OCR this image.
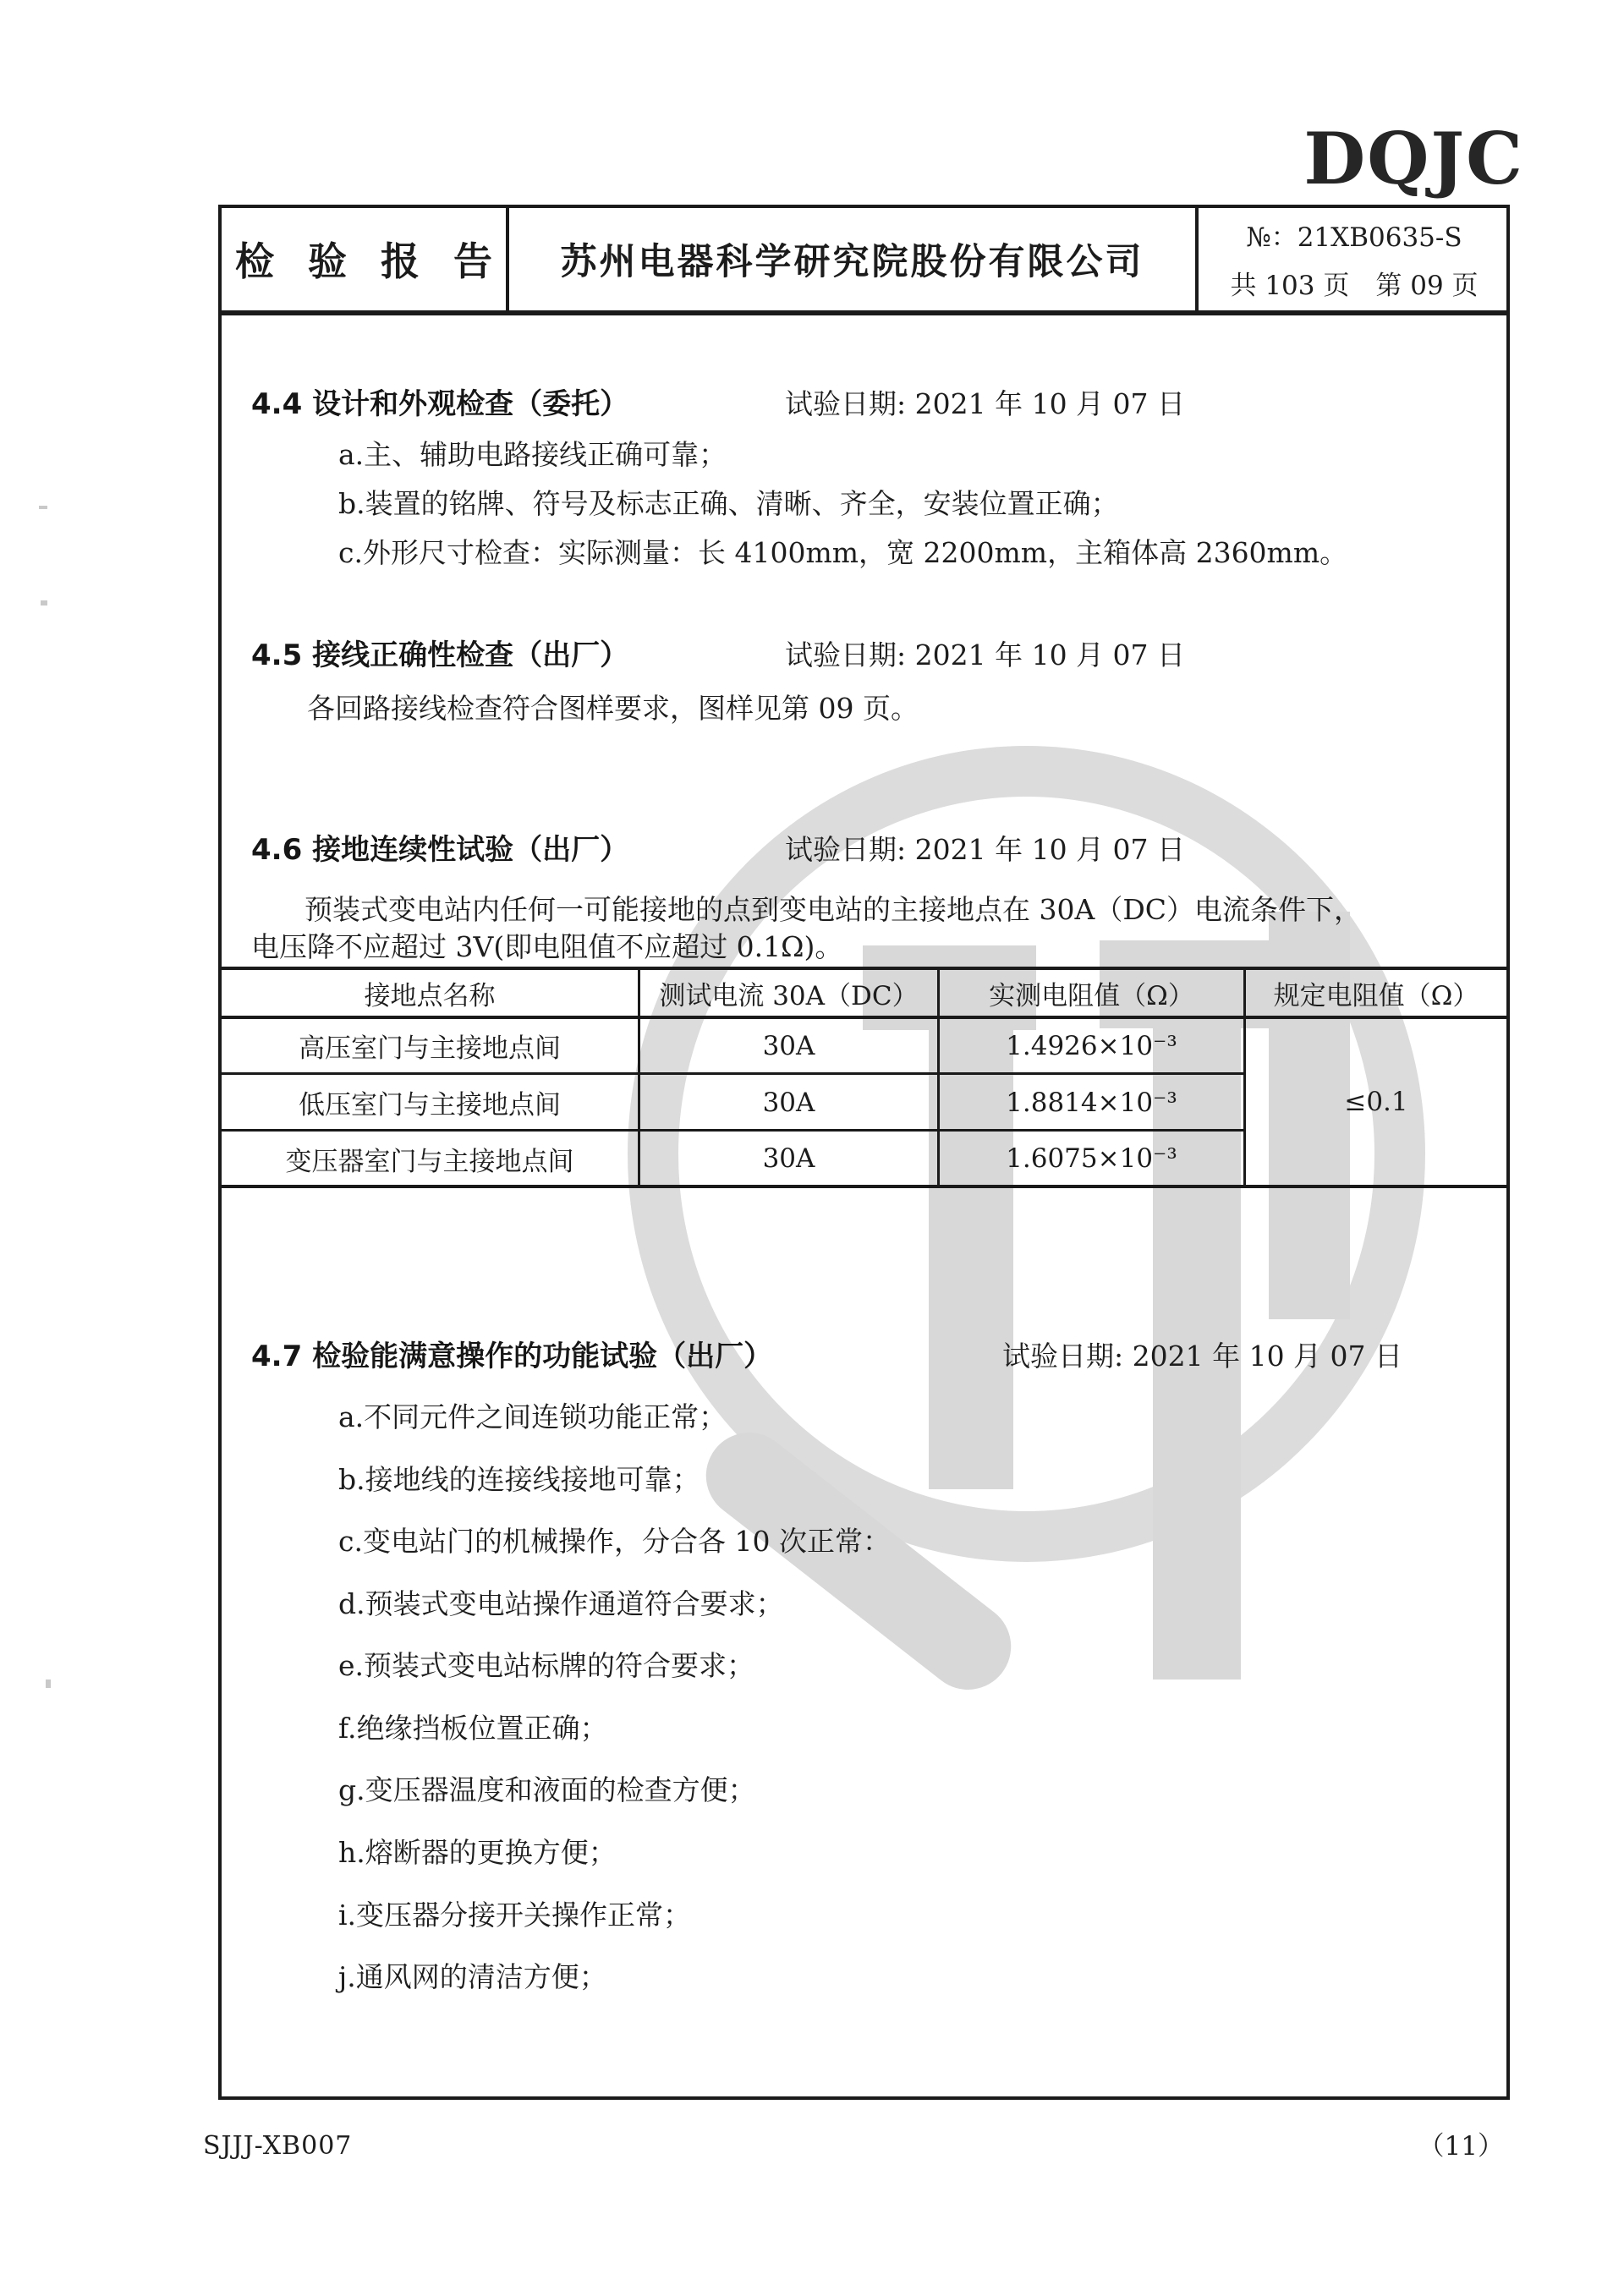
DQJC
检 验 报 告	苏州电器科学研究院股份有限公司
№：21XB0635-S
共 103 页　第 09 页
4.4 设计和外观检查（委托）	试验日期: 2021 年 10 月 07 日
a.主、辅助电路接线正确可靠；
b.装置的铭牌、符号及标志正确、清晰、齐全，安装位置正确；
c.外形尺寸检查：实际测量：长 4100mm，宽 2200mm，主箱体高 2360mm。
4.5 接线正确性检查（出厂）	试验日期: 2021 年 10 月 07 日
各回路接线检查符合图样要求，图样见第 09 页。
4.6 接地连续性试验（出厂）	试验日期: 2021 年 10 月 07 日
预装式变电站内任何一可能接地的点到变电站的主接地点在 30A（DC）电流条件下，
电压降不应超过 3V(即电阻值不应超过 0.1Ω)。
接地点名称	测试电流 30A（DC）	实测电阻值（Ω）	规定电阻值（Ω）
高压室门与主接地点间	30A	1.4926×10⁻³
低压室门与主接地点间	30A	1.8814×10⁻³
变压器室门与主接地点间	30A	1.6075×10⁻³
≤0.1
4.7 检验能满意操作的功能试验（出厂）	试验日期: 2021 年 10 月 07 日
a.不同元件之间连锁功能正常；
b.接地线的连接线接地可靠；
c.变电站门的机械操作，分合各 10 次正常：
d.预装式变电站操作通道符合要求；
e.预装式变电站标牌的符合要求；
f.绝缘挡板位置正确；
g.变压器温度和液面的检查方便；
h.熔断器的更换方便；
i.变压器分接开关操作正常；
j.通风网的清洁方便；
SJJJ-XB007	（11）
